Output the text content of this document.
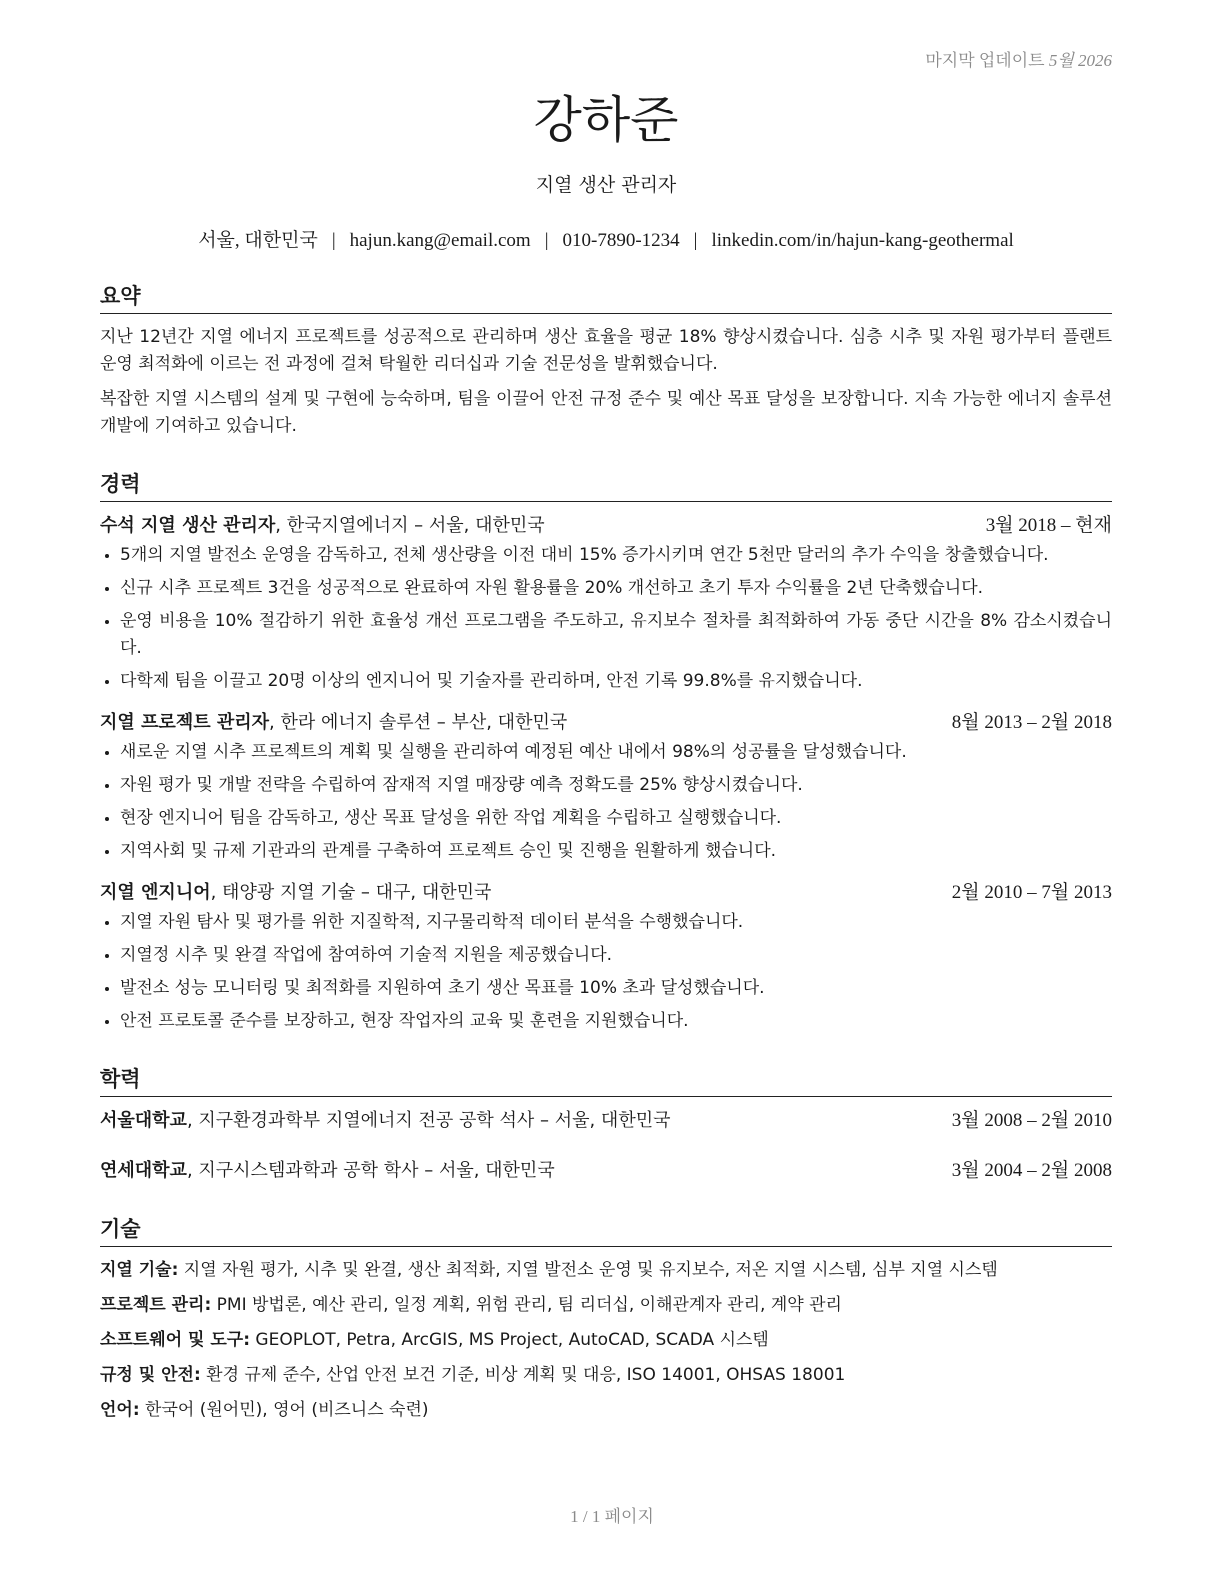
마지막 업데이트 5월 2026
강하준
지열 생산 관리자
서울, 대한민국 | hajun.kang@email.com | 010-7890-1234 | linkedin.com/in/hajun-kang-geothermal
요약

지난 12년간 지열 에너지 프로젝트를 성공적으로 관리하며 생산 효율을 평균 18% 향상시켰습니다. 심층 시추 및 자원 평가부터 플랜트 운영 최적화에 이르는 전 과정에 걸쳐 탁월한 리더십과 기술 전문성을 발휘했습니다.

복잡한 지열 시스템의 설계 및 구현에 능숙하며, 팀을 이끌어 안전 규정 준수 및 예산 목표 달성을 보장합니다. 지속 가능한 에너지 솔루션 개발에 기여하고 있습니다.

경력
수석 지열 생산 관리자, 한국지열에너지 – 서울, 대한민국	3월 2018 – 현재
• 5개의 지열 발전소 운영을 감독하고, 전체 생산량을 이전 대비 15% 증가시키며 연간 5천만 달러의 추가 수익을 창출했습니다.
• 신규 시추 프로젝트 3건을 성공적으로 완료하여 자원 활용률을 20% 개선하고 초기 투자 수익률을 2년 단축했습니다.
• 운영 비용을 10% 절감하기 위한 효율성 개선 프로그램을 주도하고, 유지보수 절차를 최적화하여 가동 중단 시간을 8% 감소시켰습니다.
• 다학제 팀을 이끌고 20명 이상의 엔지니어 및 기술자를 관리하며, 안전 기록 99.8%를 유지했습니다.
지열 프로젝트 관리자, 한라 에너지 솔루션 – 부산, 대한민국	8월 2013 – 2월 2018
• 새로운 지열 시추 프로젝트의 계획 및 실행을 관리하여 예정된 예산 내에서 98%의 성공률을 달성했습니다.
• 자원 평가 및 개발 전략을 수립하여 잠재적 지열 매장량 예측 정확도를 25% 향상시켰습니다.
• 현장 엔지니어 팀을 감독하고, 생산 목표 달성을 위한 작업 계획을 수립하고 실행했습니다.
• 지역사회 및 규제 기관과의 관계를 구축하여 프로젝트 승인 및 진행을 원활하게 했습니다.
지열 엔지니어, 태양광 지열 기술 – 대구, 대한민국	2월 2010 – 7월 2013
• 지열 자원 탐사 및 평가를 위한 지질학적, 지구물리학적 데이터 분석을 수행했습니다.
• 지열정 시추 및 완결 작업에 참여하여 기술적 지원을 제공했습니다.
• 발전소 성능 모니터링 및 최적화를 지원하여 초기 생산 목표를 10% 초과 달성했습니다.
• 안전 프로토콜 준수를 보장하고, 현장 작업자의 교육 및 훈련을 지원했습니다.
학력
서울대학교, 지구환경과학부 지열에너지 전공 공학 석사 – 서울, 대한민국	3월 2008 – 2월 2010
연세대학교, 지구시스템과학과 공학 학사 – 서울, 대한민국	3월 2004 – 2월 2008
기술
지열 기술: 지열 자원 평가, 시추 및 완결, 생산 최적화, 지열 발전소 운영 및 유지보수, 저온 지열 시스템, 심부 지열 시스템
프로젝트 관리: PMI 방법론, 예산 관리, 일정 계획, 위험 관리, 팀 리더십, 이해관계자 관리, 계약 관리
소프트웨어 및 도구: GEOPLOT, Petra, ArcGIS, MS Project, AutoCAD, SCADA 시스템
규정 및 안전: 환경 규제 준수, 산업 안전 보건 기준, 비상 계획 및 대응, ISO 14001, OHSAS 18001
언어: 한국어 (원어민), 영어 (비즈니스 숙련)
1 / 1 페이지
